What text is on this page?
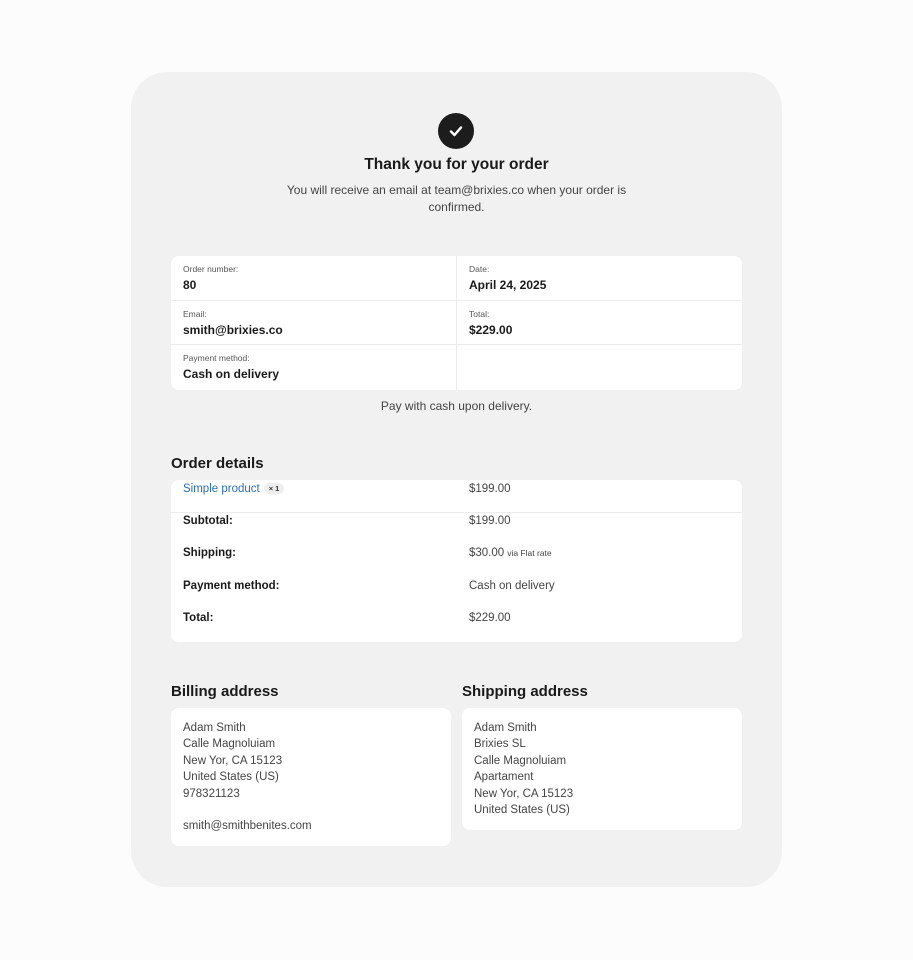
Thank you for your order
You will receive an email at team@brixies.co when your order is confirmed.
Order number:
80
Date:
April 24, 2025
Email:
smith@brixies.co
Total:
$229.00
Payment method:
Cash on delivery
Pay with cash upon delivery.
Order details
Simple product × 1	$199.00
Subtotal:	$199.00
Shipping:	$30.00 via Flat rate
Payment method:	Cash on delivery
Total:	$229.00
Billing address	Shipping address
Adam Smith
Calle Magnoluiam
New Yor, CA 15123
United States (US)
978321123
smith@smithbenites.com
Adam Smith
Brixies SL
Calle Magnoluiam
Apartament
New Yor, CA 15123
United States (US)
